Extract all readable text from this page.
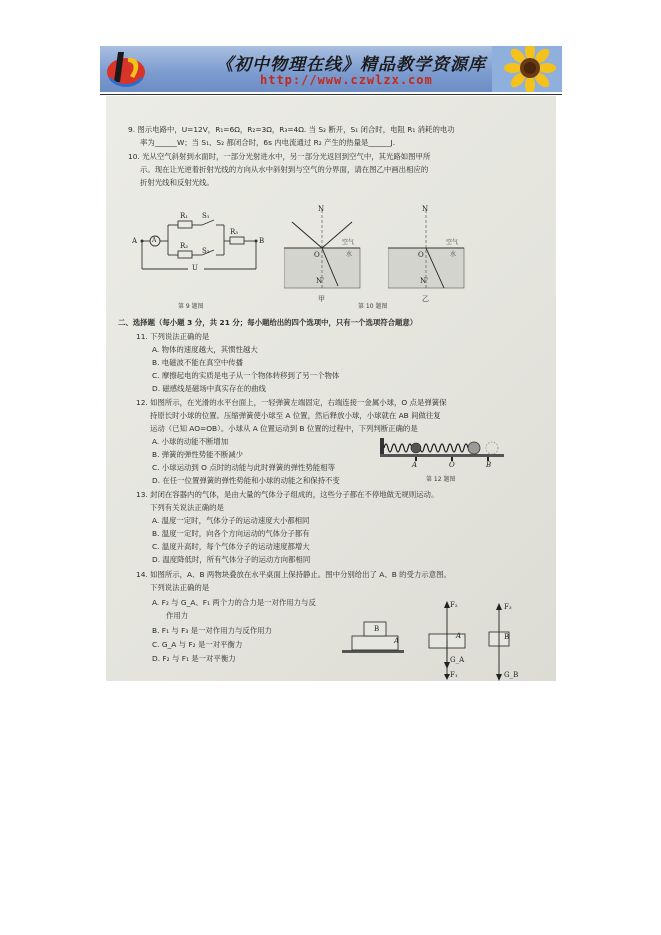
《初中物理在线》精品教学资源库
http://www.czwlzx.com
9. 图示电路中，U=12V，R₁=6Ω，R₂=3Ω，R₃=4Ω. 当 S₂ 断开，S₁ 闭合时，电阻 R₁ 消耗的电功
率为______W；当 S₁、S₂ 都闭合时，6s 内电流通过 R₂ 产生的热量是______J.
10. 光从空气斜射到水面时，一部分光射进水中，另一部分光返回到空气中，其光路如图甲所
示。现在让光逆着折射光线的方向从水中斜射到与空气的分界面，请在图乙中画出相应的
折射光线和反射光线。
A A	B
R₁
R₂
R₃
S₁
S₂
U
第 9 题图
N
O
N'
空气
水
甲
N
O
N'
空气
水
乙
第 10 题图
二、选择题（每小题 3 分，共 21 分；每小题给出的四个选项中，只有一个选项符合题意）
11. 下列说法正确的是
A. 物体的速度越大，其惯性越大
B. 电磁波不能在真空中传播
C. 摩擦起电的实质是电子从一个物体转移到了另一个物体
D. 磁感线是磁场中真实存在的曲线
12. 如图所示，在光滑的水平台面上，一轻弹簧左端固定，右端连接一金属小球，O 点是弹簧保
持原长时小球的位置。压缩弹簧使小球至 A 位置，然后释放小球，小球就在 AB 间做往复
运动（已知 AO=OB）。小球从 A 位置运动到 B 位置的过程中，下列判断正确的是
A. 小球的动能不断增加
B. 弹簧的弹性势能不断减少
C. 小球运动到 O 点时的动能与此时弹簧的弹性势能相等
D. 在任一位置弹簧的弹性势能和小球的动能之和保持不变
A	O	B
第 12 题图
13. 封闭在容器内的气体，是由大量的气体分子组成的，这些分子都在不停地做无规则运动。
下列有关说法正确的是
A. 温度一定时，气体分子的运动速度大小都相同
B. 温度一定时，向各个方向运动的气体分子都有
C. 温度升高时，每个气体分子的运动速度都增大
D. 温度降低时，所有气体分子的运动方向都相同
14. 如图所示，A、B 两物块叠放在水平桌面上保持静止。图中分别给出了 A、B 的受力示意图。
下列说法正确的是
A. F₂ 与 G_A、F₁ 两个力的合力是一对作用力与反
作用力
B. F₁ 与 F₃ 是一对作用力与反作用力
C. G_A 与 F₂ 是一对平衡力
D. F₂ 与 F₁ 是一对平衡力
B
A
F₂
A
G_A
F₁
F₃
B
G_B
